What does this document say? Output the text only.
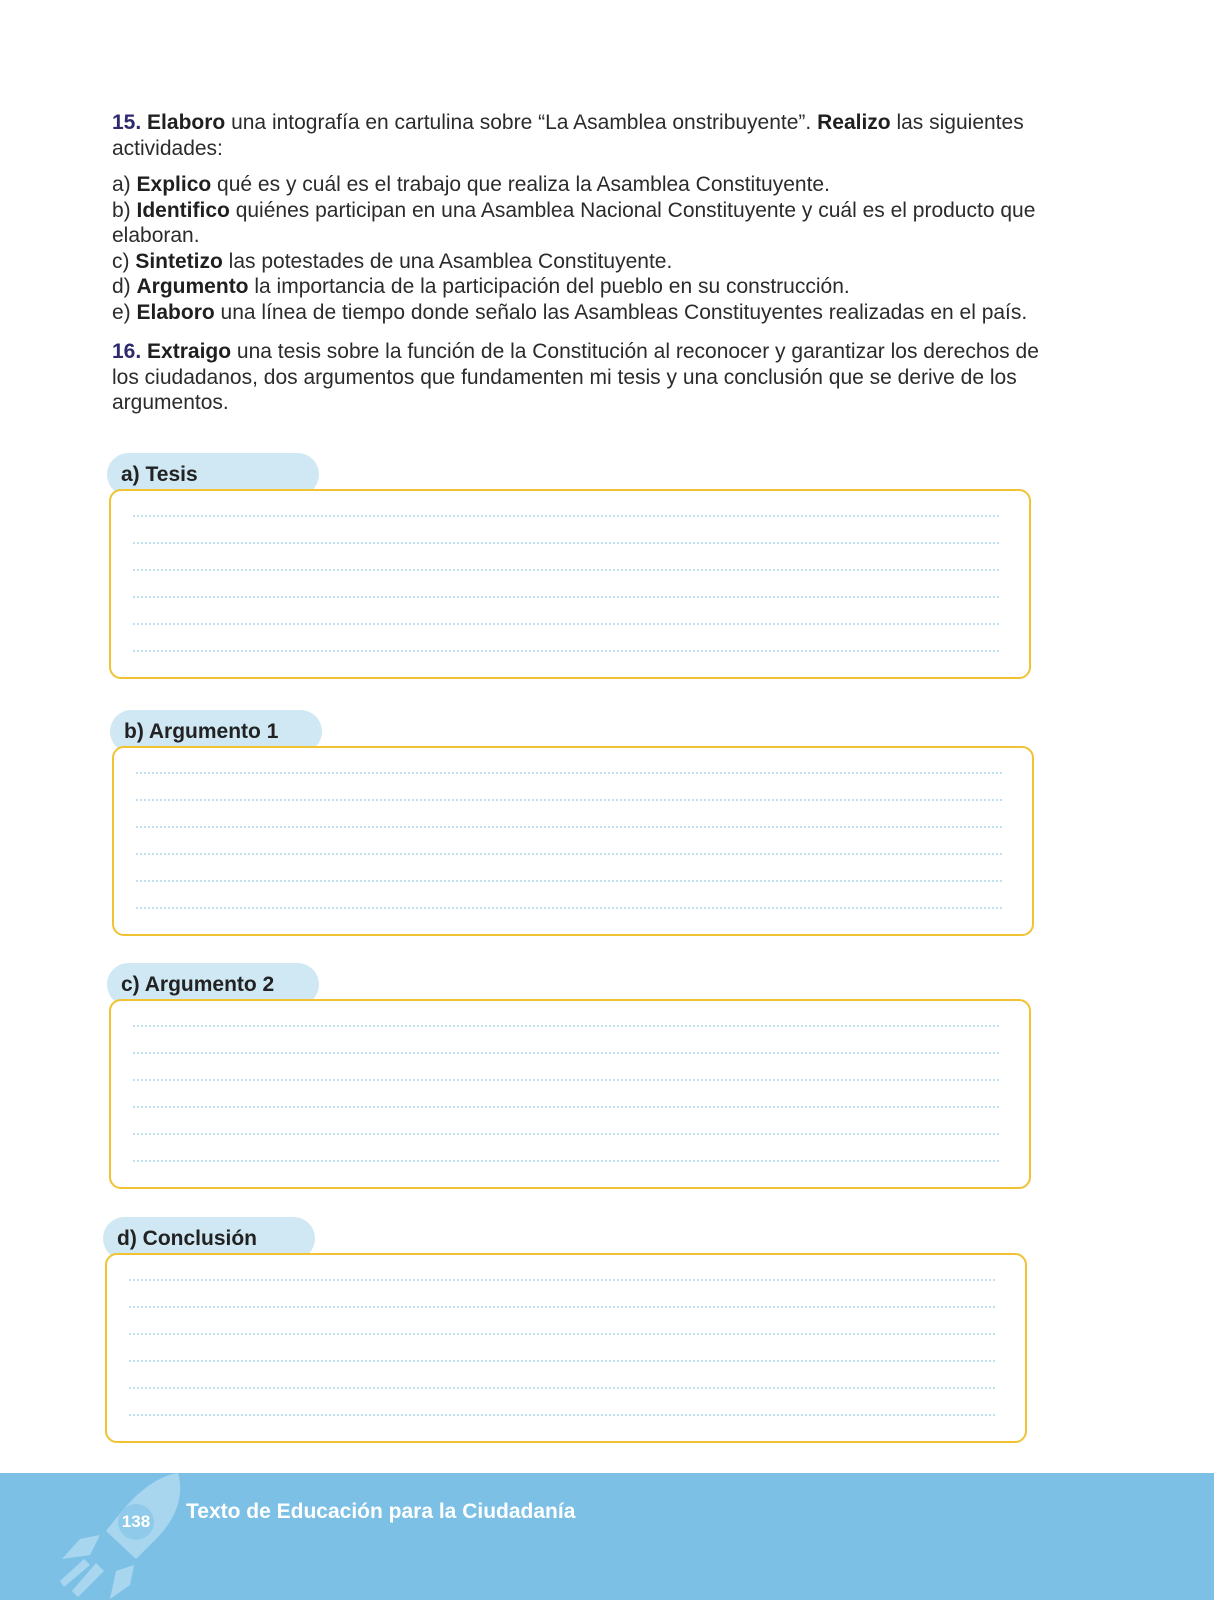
15. Elaboro una intografía en cartulina sobre “La Asamblea onstribuyente”. Realizo las siguientes actividades:

a) Explico qué es y cuál es el trabajo que realiza la Asamblea Constituyente.
b) Identifico quiénes participan en una Asamblea Nacional Constituyente y cuál es el producto que elaboran.
c) Sintetizo las potestades de una Asamblea Constituyente.
d) Argumento la importancia de la participación del pueblo en su construcción.
e) Elaboro una línea de tiempo donde señalo las Asambleas Constituyentes realizadas en el país.

16. Extraigo una tesis sobre la función de la Constitución al reconocer y garantizar los derechos de los ciudadanos, dos argumentos que fundamenten mi tesis y una conclusión que se derive de los argumentos.

a) Tesis
b) Argumento 1
c) Argumento 2
d) Conclusión
138 Texto de Educación para la Ciudadanía
